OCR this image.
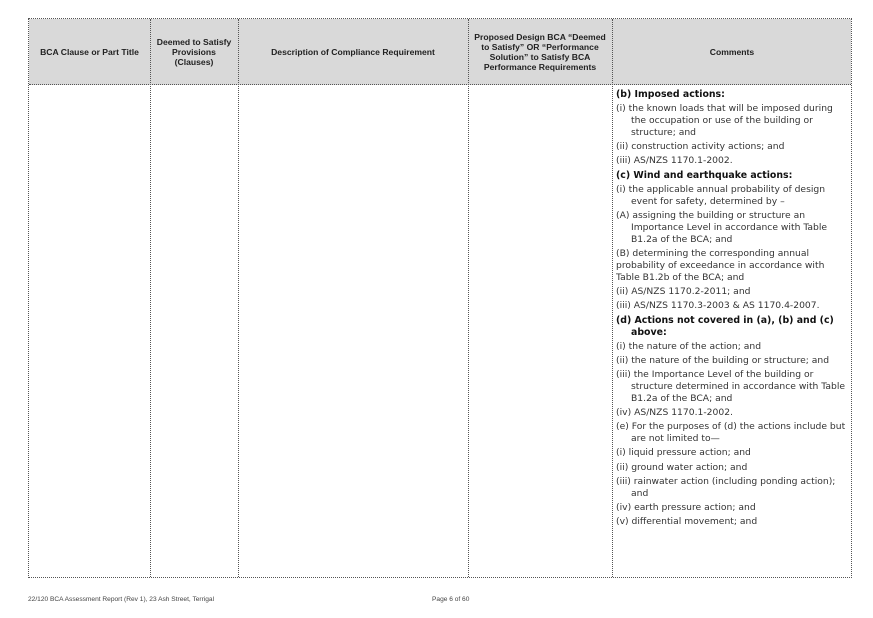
BCA Clause or Part Title
Deemed to Satisfy Provisions (Clauses)
Description of Compliance Requirement
Proposed Design BCA “Deemed to Satisfy” OR “Performance Solution” to Satisfy BCA Performance Requirements
Comments
(b) Imposed actions:
(i) the known loads that will be imposed during the occupation or use of the building or structure; and
(ii) construction activity actions; and
(iii) AS/NZS 1170.1-2002.
(c) Wind and earthquake actions:
(i) the applicable annual probability of design event for safety, determined by –
(A) assigning the building or structure an Importance Level in accordance with Table B1.2a of the BCA; and
(B) determining the corresponding annual probability of exceedance in accordance with Table B1.2b of the BCA; and
(ii) AS/NZS 1170.2-2011; and
(iii) AS/NZS 1170.3-2003 & AS 1170.4-2007.
(d) Actions not covered in (a), (b) and (c) above:
(i) the nature of the action; and
(ii) the nature of the building or structure; and
(iii) the Importance Level of the building or structure determined in accordance with Table B1.2a of the BCA; and
(iv) AS/NZS 1170.1-2002.
(e) For the purposes of (d) the actions include but are not limited to—
(i) liquid pressure action; and
(ii) ground water action; and
(iii) rainwater action (including ponding action); and
(iv) earth pressure action; and
(v) differential movement; and
22/120 BCA Assessment Report (Rev 1), 23 Ash Street, Terrigal	Page 6 of 60
